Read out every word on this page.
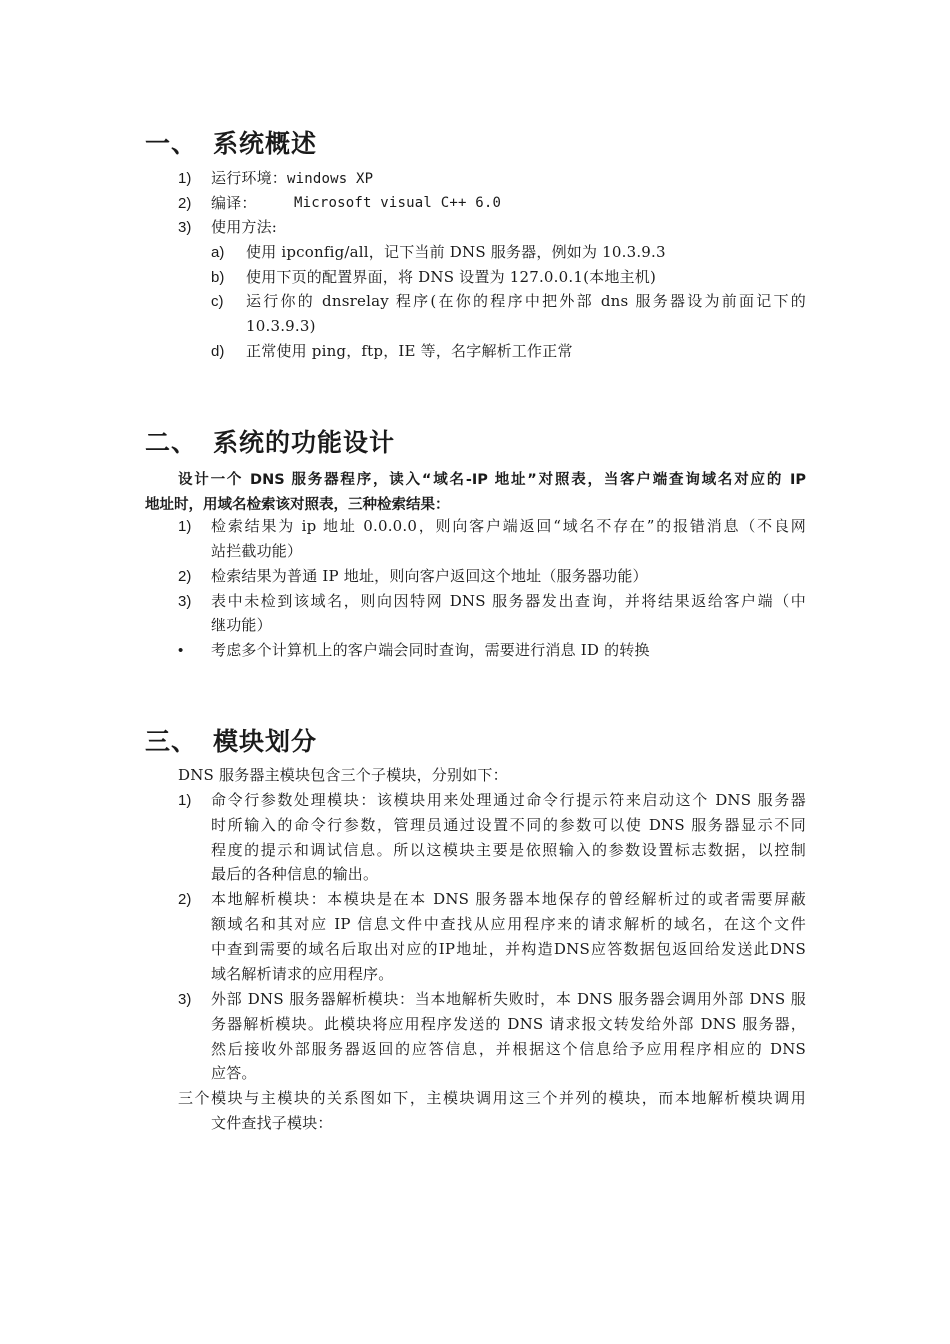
一、 系统概述
1) 运行环境：windows XP
2) 编译：	Microsoft visual C++ 6.0
3) 使用方法:
a) 使用 ipconfig/all，记下当前 DNS 服务器，例如为 10.3.9.3
b) 使用下页的配置界面，将 DNS 设置为 127.0.0.1(本地主机)
c) 运行你的 dnsrelay 程序(在你的程序中把外部 dns 服务器设为前面记下的
10.3.9.3)
d) 正常使用 ping，ftp，IE 等，名字解析工作正常
二、 系统的功能设计
设计一个 DNS 服务器程序，读入“域名-IP 地址”对照表，当客户端查询域名对应的 IP
地址时，用域名检索该对照表，三种检索结果：
1) 检索结果为 ip 地址 0.0.0.0，则向客户端返回“域名不存在”的报错消息（不良网
站拦截功能）
2) 检索结果为普通 IP 地址，则向客户返回这个地址（服务器功能）
3) 表中未检到该域名，则向因特网 DNS 服务器发出查询，并将结果返给客户端（中
继功能）
• 考虑多个计算机上的客户端会同时查询，需要进行消息 ID 的转换
三、 模块划分
DNS 服务器主模块包含三个子模块，分别如下：
1) 命令行参数处理模块：该模块用来处理通过命令行提示符来启动这个 DNS 服务器
时所输入的命令行参数，管理员通过设置不同的参数可以使 DNS 服务器显示不同
程度的提示和调试信息。所以这模块主要是依照输入的参数设置标志数据，以控制
最后的各种信息的输出。
2) 本地解析模块：本模块是在本 DNS 服务器本地保存的曾经解析过的或者需要屏蔽
额域名和其对应 IP 信息文件中查找从应用程序来的请求解析的域名，在这个文件
中查到需要的域名后取出对应的IP地址，并构造DNS应答数据包返回给发送此DNS
域名解析请求的应用程序。
3) 外部 DNS 服务器解析模块：当本地解析失败时，本 DNS 服务器会调用外部 DNS 服
务器解析模块。此模块将应用程序发送的 DNS 请求报文转发给外部 DNS 服务器，
然后接收外部服务器返回的应答信息，并根据这个信息给予应用程序相应的 DNS
应答。
三个模块与主模块的关系图如下，主模块调用这三个并列的模块，而本地解析模块调用
文件查找子模块：
